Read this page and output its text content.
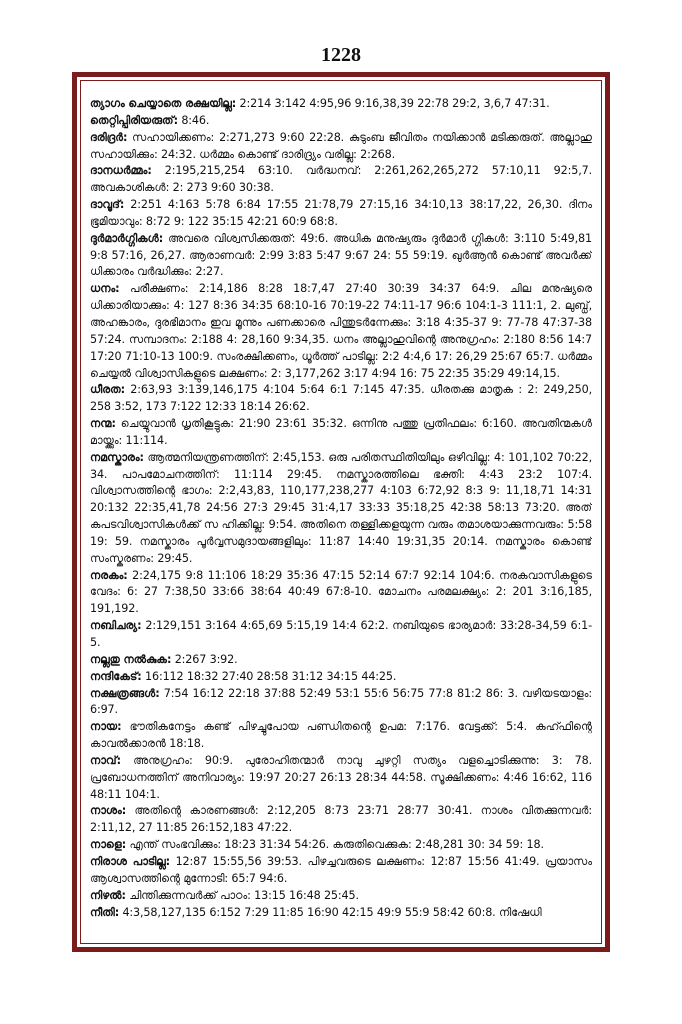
1228

ത്യാഗം ചെയ്യാതെ രക്ഷയില്ല: 2:214 3:142 4:95,96 9:16,38,39 22:78 29:2, 3,6,7 47:31.

തെറ്റിപ്പിരിയരുത്: 8:46.

ദരിദ്രര്‍: സഹായിക്കണം: 2:271,273 9:60 22:28. കുടുംബ ജീവിതം നയിക്കാന്‍ മടിക്കരുത്. അല്ലാഹു സഹായിക്കും: 24:32. ധര്‍മ്മം കൊണ്ട് ദാരിദ്ര്യം വരില്ല: 2:268.

ദാനധര്‍മ്മം: 2:195,215,254 63:10. വര്‍ദ്ധനവ്: 2:261,262,265,272 57:10,11 92:5,7. അവകാശികള്‍: 2: 273 9:60 30:38.

ദാവൂദ്: 2:251 4:163 5:78 6:84 17:55 21:78,79 27:15,16 34:10,13 38:17,22, 26,30. ദിനം ഭൂമിയാവും: 8:72 9: 122 35:15 42:21 60:9 68:8.

ദുര്‍മാര്‍ഗ്ഗികള്‍: അവരെ വിശ്വസിക്കരുത്: 49:6. അധിക മനുഷ്യരും ദുര്‍മാര്‍ ഗ്ഗികള്‍: 3:110 5:49,81 9:8 57:16, 26,27. ആരാണവര്‍: 2:99 3:83 5:47 9:67 24: 55 59:19. ഖുര്‍ആന്‍ കൊണ്ട് അവര്‍ക്ക് ധിക്കാരം വര്‍ദ്ധിക്കും: 2:27.

ധനം: പരീക്ഷണം: 2:14,186 8:28 18:7,47 27:40 30:39 34:37 64:9. ചില മനുഷ്യരെ ധിക്കാരിയാക്കും: 4: 127 8:36 34:35 68:10-16 70:19-22 74:11-17 96:6 104:1-3 111:1, 2. ലുബ്ധ്, അഹങ്കാരം, ദുരഭിമാനം ഇവ മൂന്നും പണക്കാരെ പിന്തുടര്‍ന്നേക്കും: 3:18 4:35-37 9: 77-78 47:37-38 57:24. സമ്പാദനം: 2:188 4: 28,160 9:34,35. ധനം അല്ലാഹുവിന്റെ അനുഗ്രഹം: 2:180 8:56 14:7 17:20 71:10-13 100:9. സംരക്ഷിക്കണം, ധൂര്‍ത്ത് പാടില്ല: 2:2 4:4,6 17: 26,29 25:67 65:7. ധര്‍മ്മം ചെയ്യല്‍ വിശ്വാസികളുടെ ലക്ഷണം: 2: 3,177,262 3:17 4:94 16: 75 22:35 35:29 49:14,15.

ധീരത: 2:63,93 3:139,146,175 4:104 5:64 6:1 7:145 47:35. ധീരതക്കു മാതൃക : 2: 249,250, 258 3:52, 173 7:122 12:33 18:14 26:62.

നന്മ: ചെയ്യുവാന്‍ ധൃതികൂട്ടുക: 21:90 23:61 35:32. ഒന്നിനു പത്തു പ്രതിഫലം: 6:160. അവതിന്മകള്‍ മായ്ക്കും: 11:114.

നമസ്കാരം: ആത്മനിയന്ത്രണത്തിന്: 2:45,153. ഒരു പരിതസ്ഥിതിയിലും ഒഴിവില്ല: 4: 101,102 70:22, 34. പാപമോചനത്തിന്: 11:114 29:45. നമസ്കാരത്തിലെ ഭക്തി: 4:43 23:2 107:4. വിശ്വാസത്തിന്റെ ഭാഗം: 2:2,43,83, 110,177,238,277 4:103 6:72,92 8:3 9: 11,18,71 14:31 20:132 22:35,41,78 24:56 27:3 29:45 31:4,17 33:33 35:18,25 42:38 58:13 73:20. അത് കപടവിശ്വാസികള്‍ക്ക് സ ഹിക്കില്ല: 9:54. അതിനെ തള്ളിക്കളയുന്ന വരും തമാശയാക്കുന്നവരും: 5:58 19: 59. നമസ്കാരം പൂര്‍വ്വസമുദായങ്ങളിലും: 11:87 14:40 19:31,35 20:14. നമസ്കാരം കൊണ്ട് സംസ്കരണം: 29:45.

നരകം: 2:24,175 9:8 11:106 18:29 35:36 47:15 52:14 67:7 92:14 104:6. നരകവാസികളുടെ വേദം: 6: 27 7:38,50 33:66 38:64 40:49 67:8-10. മോചനം പരമലക്ഷ്യം: 2: 201 3:16,185, 191,192.

നബിചര്യ: 2:129,151 3:164 4:65,69 5:15,19 14:4 62:2. നബിയുടെ ഭാര്യമാര്‍: 33:28-34,59 6:1-5.

നല്ലതു നല്‍കുക: 2:267 3:92.

നന്ദികേട്: 16:112 18:32 27:40 28:58 31:12 34:15 44:25.

നക്ഷത്രങ്ങള്‍: 7:54 16:12 22:18 37:88 52:49 53:1 55:6 56:75 77:8 81:2 86: 3. വഴിയടയാളം: 6:97.

നായ: ഭൗതികനേട്ടം കണ്ട് പിഴച്ചുപോയ പണ്ഡിതന്റെ ഉപമ: 7:176. വേട്ടക്ക്: 5:4. കഹ്ഫിന്റെ കാവല്‍ക്കാരന്‍ 18:18.

നാവ്: അനുഗ്രഹം: 90:9. പുരോഹിതന്മാര്‍ നാവു ചുഴറ്റി സത്യം വളച്ചൊടിക്കുന്നു: 3: 78. പ്രബോധനത്തിന് അനിവാര്യം: 19:97 20:27 26:13 28:34 44:58. സൂക്ഷിക്കണം: 4:46 16:62, 116 48:11 104:1.

നാശം: അതിന്റെ കാരണങ്ങള്‍: 2:12,205 8:73 23:71 28:77 30:41. നാശം വിതക്കുന്നവര്‍: 2:11,12, 27 11:85 26:152,183 47:22.

നാളെ: എന്ത് സംഭവിക്കും: 18:23 31:34 54:26. കരുതിവെക്കുക: 2:48,281 30: 34 59: 18.

നിരാശ പാടില്ല: 12:87 15:55,56 39:53. പിഴച്ചവരുടെ ലക്ഷണം: 12:87 15:56 41:49. പ്രയാസം ആശ്വാസത്തിന്റെ മുന്നോടി: 65:7 94:6.

നിഴല്‍: ചിന്തിക്കുന്നവര്‍ക്ക് പാഠം: 13:15 16:48 25:45.

നീതി: 4:3,58,127,135 6:152 7:29 11:85 16:90 42:15 49:9 55:9 58:42 60:8. നിഷേധി
